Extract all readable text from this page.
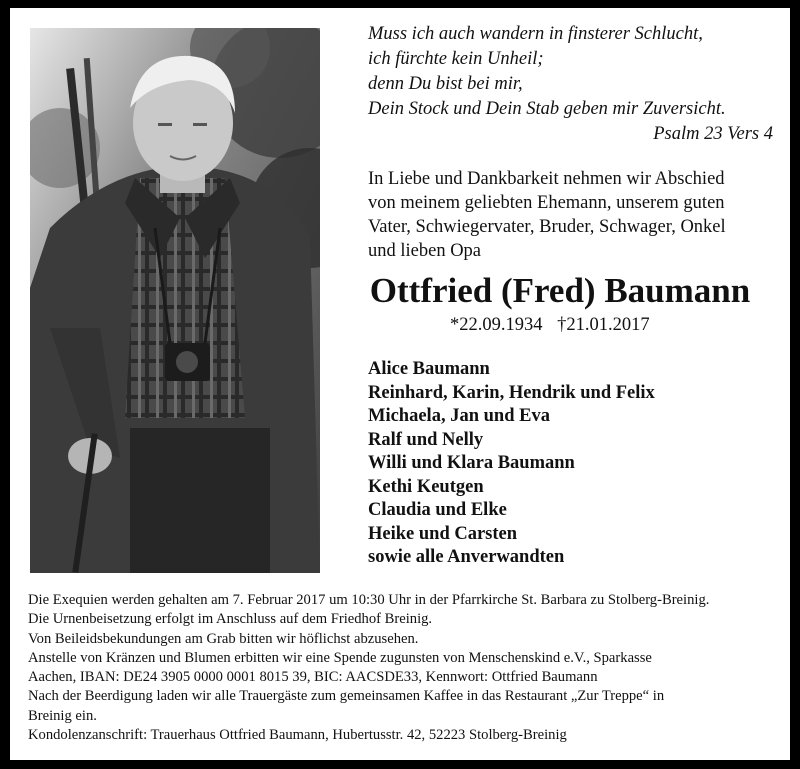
Muss ich auch wandern in finsterer Schlucht,
ich fürchte kein Unheil;
denn Du bist bei mir,
Dein Stock und Dein Stab geben mir Zuversicht.
Psalm 23 Vers 4
In Liebe und Dankbarkeit nehmen wir Abschied
von meinem geliebten Ehemann, unserem guten
Vater, Schwiegervater, Bruder, Schwager, Onkel
und lieben Opa
Ottfried (Fred) Baumann
*22.09.1934 †21.01.2017
Alice Baumann
Reinhard, Karin, Hendrik und Felix
Michaela, Jan und Eva
Ralf und Nelly
Willi und Klara Baumann
Kethi Keutgen
Claudia und Elke
Heike und Carsten
sowie alle Anverwandten
Die Exequien werden gehalten am 7. Februar 2017 um 10:30 Uhr in der Pfarrkirche St. Barbara zu Stolberg-Breinig.
Die Urnenbeisetzung erfolgt im Anschluss auf dem Friedhof Breinig.
Von Beileidsbekundungen am Grab bitten wir höflichst abzusehen.
Anstelle von Kränzen und Blumen erbitten wir eine Spende zugunsten von Menschenskind e.V., Sparkasse
Aachen, IBAN: DE24 3905 0000 0001 8015 39, BIC: AACSDE33, Kennwort: Ottfried Baumann
Nach der Beerdigung laden wir alle Trauergäste zum gemeinsamen Kaffee in das Restaurant „Zur Treppe“ in
Breinig ein.
Kondolenzanschrift: Trauerhaus Ottfried Baumann, Hubertusstr. 42, 52223 Stolberg-Breinig
